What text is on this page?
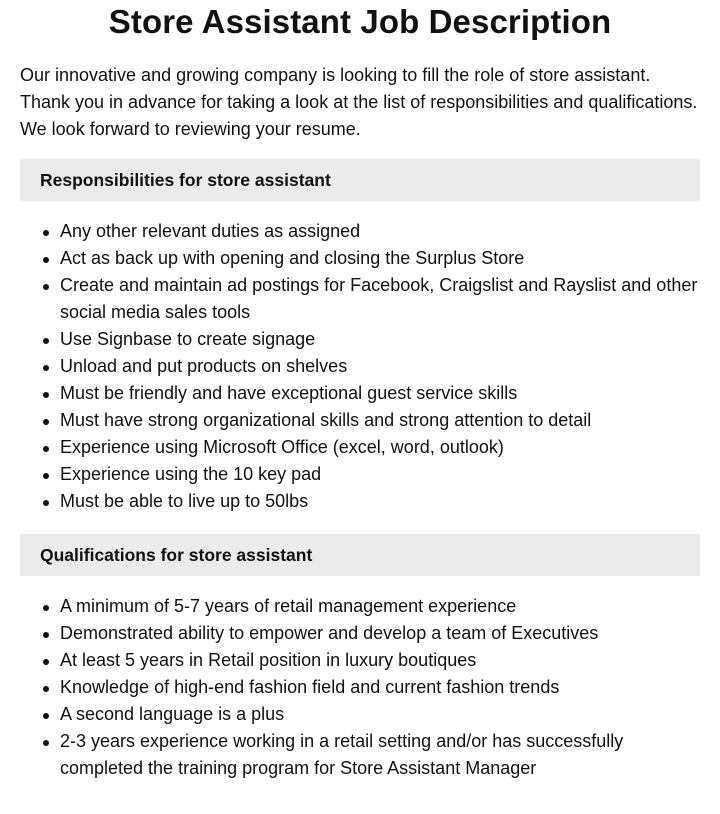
Store Assistant Job Description

Our innovative and growing company is looking to fill the role of store assistant. Thank you in advance for taking a look at the list of responsibilities and qualifications. We look forward to reviewing your resume.

Responsibilities for store assistant
Any other relevant duties as assigned
Act as back up with opening and closing the Surplus Store
Create and maintain ad postings for Facebook, Craigslist and Rayslist and other social media sales tools
Use Signbase to create signage
Unload and put products on shelves
Must be friendly and have exceptional guest service skills
Must have strong organizational skills and strong attention to detail
Experience using Microsoft Office (excel, word, outlook)
Experience using the 10 key pad
Must be able to live up to 50lbs
Qualifications for store assistant
A minimum of 5-7 years of retail management experience
Demonstrated ability to empower and develop a team of Executives
At least 5 years in Retail position in luxury boutiques
Knowledge of high-end fashion field and current fashion trends
A second language is a plus
2-3 years experience working in a retail setting and/or has successfully completed the training program for Store Assistant Manager
